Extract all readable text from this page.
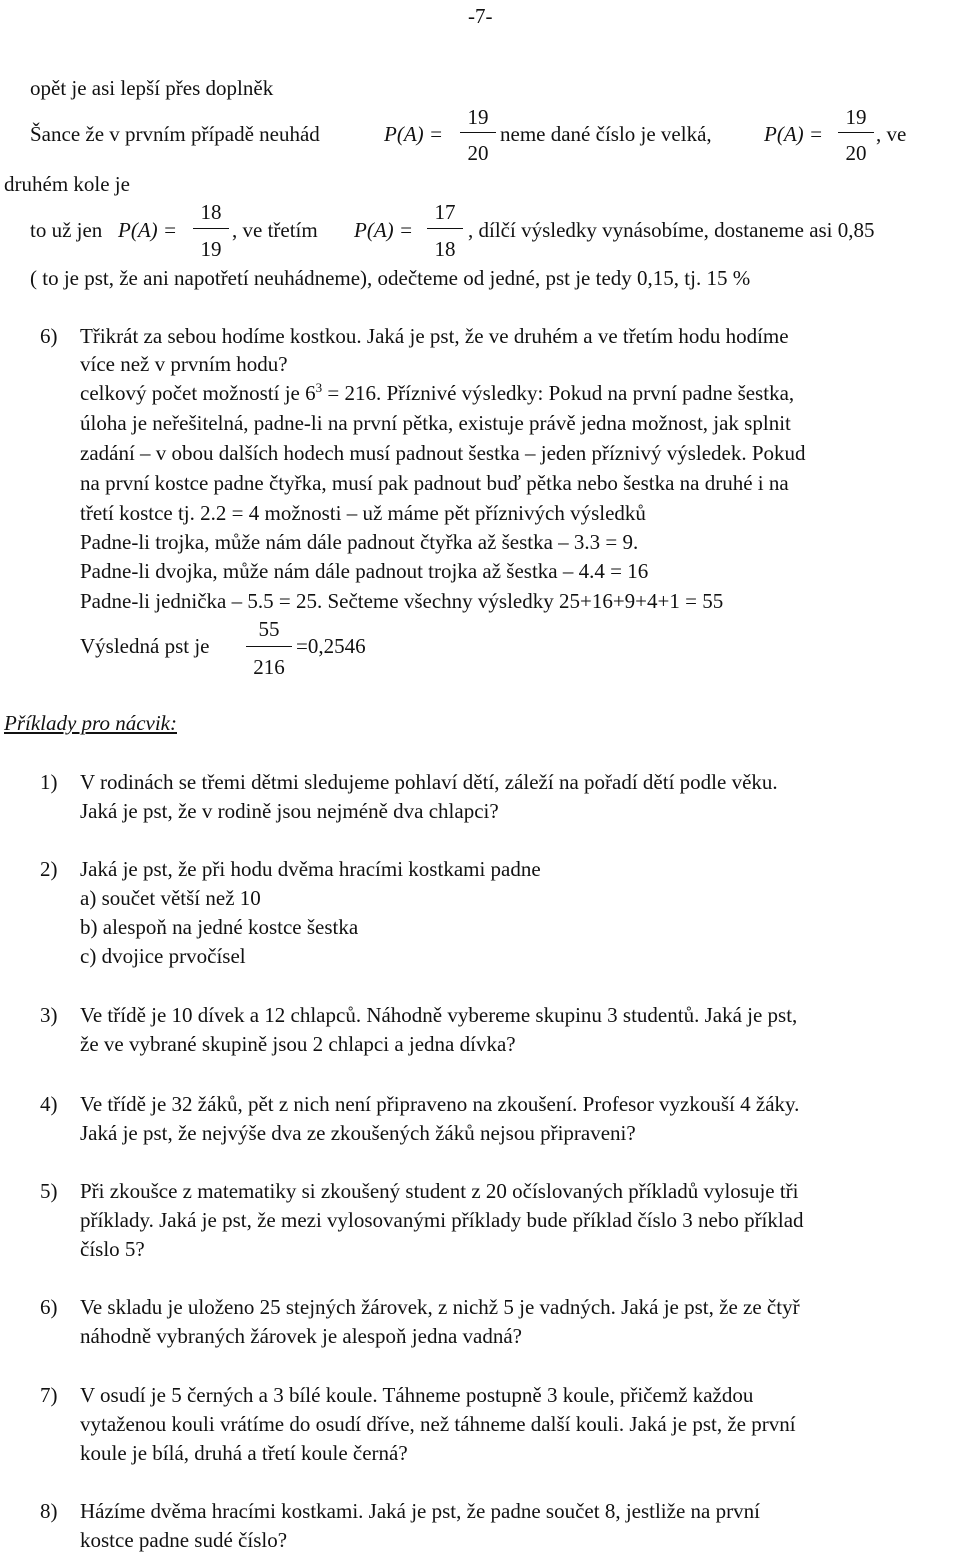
-7-
opět je asi lepší přes doplněk
Šance že v prvním případě neuhád	P(A) =
19
20
neme dané číslo je velká, P(A) =
19
20
, ve
druhém kole je
to už jen P(A) =
18
19
, ve třetím P(A) =
17
18
, dílčí výsledky vynásobíme, dostaneme asi 0,85
( to je pst, že ani napotřetí neuhádneme), odečteme od jedné, pst je tedy 0,15, tj. 15 %
6) Třikrát za sebou hodíme kostkou. Jaká je pst, že ve druhém a ve třetím hodu hodíme
více než v prvním hodu?
celkový počet možností je $6^3 = 216$. Příznivé výsledky: Pokud na první padne šestka,
úloha je neřešitelná, padne-li na první pětka, existuje právě jedna možnost, jak splnit
zadání – v obou dalších hodech musí padnout šestka – jeden příznivý výsledek. Pokud
na první kostce padne čtyřka, musí pak padnout buď pětka nebo šestka na druhé i na
třetí kostce tj. 2.2 = 4 možnosti – už máme pět příznivých výsledků
Padne-li trojka, může nám dále padnout čtyřka až šestka – 3.3 = 9.
Padne-li dvojka, může nám dále padnout trojka až šestka – 4.4 = 16
Padne-li jednička – 5.5 = 25. Sečteme všechny výsledky 25+16+9+4+1 = 55
Výsledná pst je
55
216
=0,2546
Příklady pro nácvik:
1) V rodinách se třemi dětmi sledujeme pohlaví dětí, záleží na pořadí dětí podle věku.
Jaká je pst, že v rodině jsou nejméně dva chlapci?
2) Jaká je pst, že při hodu dvěma hracími kostkami padne
a) součet větší než 10
b) alespoň na jedné kostce šestka
c) dvojice prvočísel
3) Ve třídě je 10 dívek a 12 chlapců. Náhodně vybereme skupinu 3 studentů. Jaká je pst,
že ve vybrané skupině jsou 2 chlapci a jedna dívka?
4) Ve třídě je 32 žáků, pět z nich není připraveno na zkoušení. Profesor vyzkouší 4 žáky.
Jaká je pst, že nejvýše dva ze zkoušených žáků nejsou připraveni?
5) Při zkoušce z matematiky si zkoušený student z 20 očíslovaných příkladů vylosuje tři
příklady. Jaká je pst, že mezi vylosovanými příklady bude příklad číslo 3 nebo příklad
číslo 5?
6) Ve skladu je uloženo 25 stejných žárovek, z nichž 5 je vadných. Jaká je pst, že ze čtyř
náhodně vybraných žárovek je alespoň jedna vadná?
7) V osudí je 5 černých a 3 bílé koule. Táhneme postupně 3 koule, přičemž každou
vytaženou kouli vrátíme do osudí dříve, než táhneme další kouli. Jaká je pst, že první
koule je bílá, druhá a třetí koule černá?
8) Házíme dvěma hracími kostkami. Jaká je pst, že padne součet 8, jestliže na první
kostce padne sudé číslo?
